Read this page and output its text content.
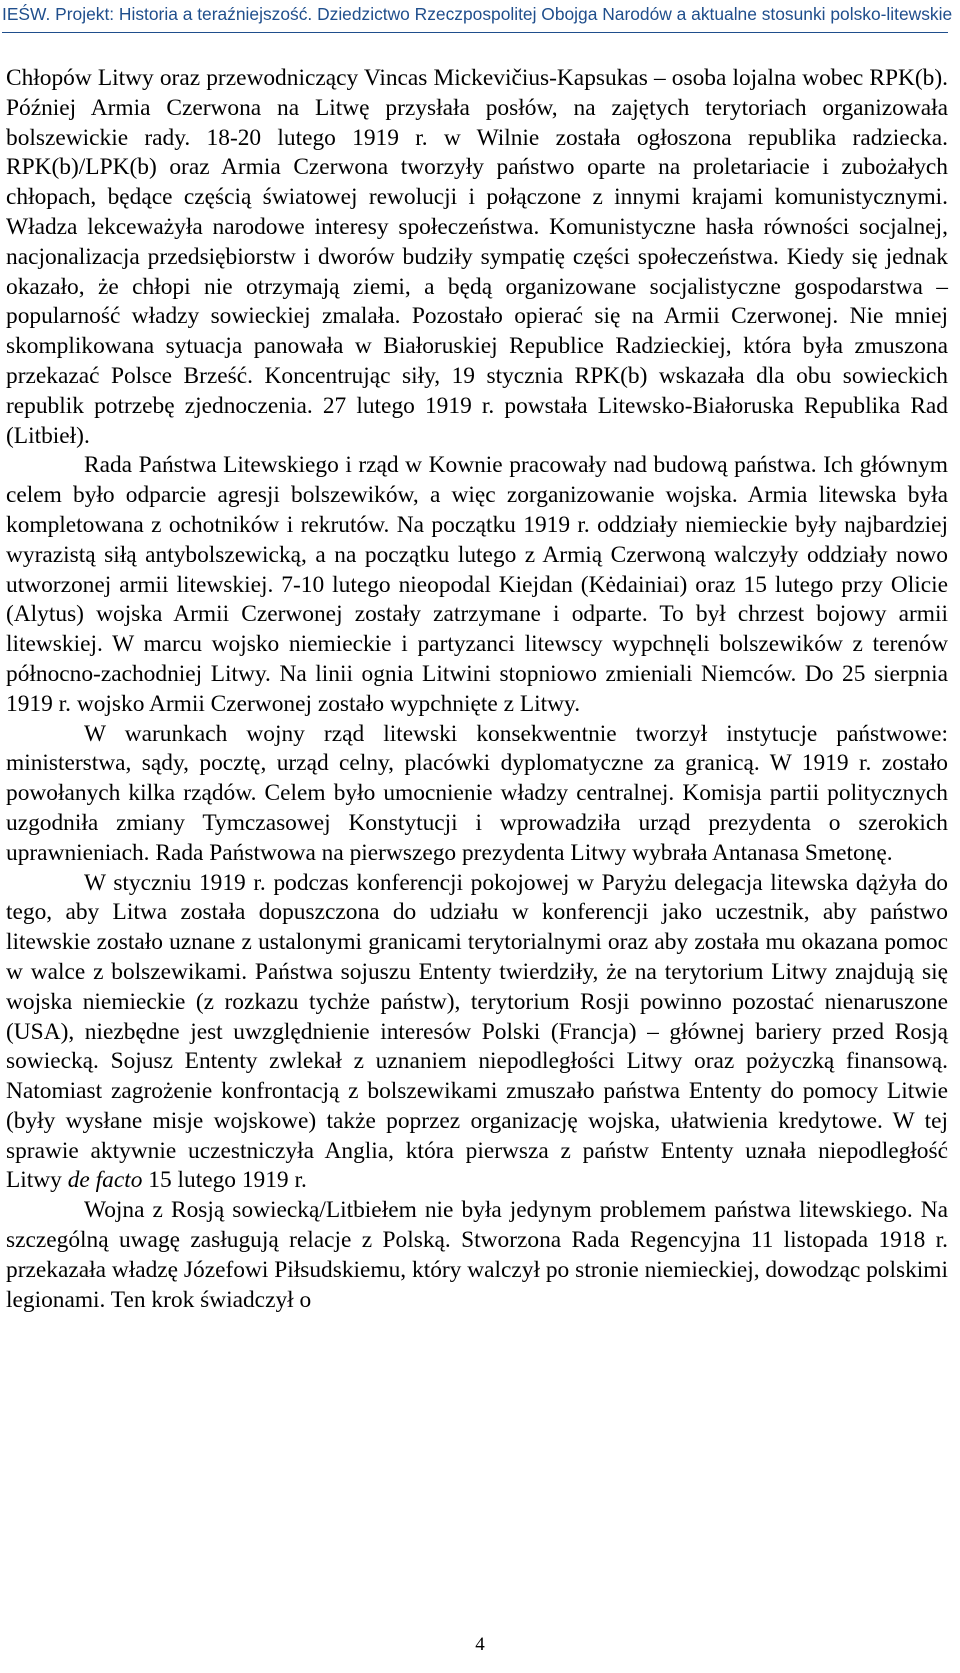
IEŚW. Projekt: Historia a teraźniejszość. Dziedzictwo Rzeczpospolitej Obojga Narodów a aktualne stosunki polsko-litewskie

Chłopów Litwy oraz przewodniczący Vincas Mickevičius-Kapsukas – osoba lojalna wobec RPK(b). Później Armia Czerwona na Litwę przysłała posłów, na zajętych terytoriach organizowała bolszewickie rady. 18-20 lutego 1919 r. w Wilnie została ogłoszona republika radziecka. RPK(b)/LPK(b) oraz Armia Czerwona tworzyły państwo oparte na proletariacie i zubożałych chłopach, będące częścią światowej rewolucji i połączone z innymi krajami komunistycznymi. Władza lekceważyła narodowe interesy społeczeństwa. Komunistyczne hasła równości socjalnej, nacjonalizacja przedsiębiorstw i dworów budziły sympatię części społeczeństwa. Kiedy się jednak okazało, że chłopi nie otrzymają ziemi, a będą organizowane socjalistyczne gospodarstwa – popularność władzy sowieckiej zmalała. Pozostało opierać się na Armii Czerwonej. Nie mniej skomplikowana sytuacja panowała w Białoruskiej Republice Radzieckiej, która była zmuszona przekazać Polsce Brześć. Koncentrując siły, 19 stycznia RPK(b) wskazała dla obu sowieckich republik potrzebę zjednoczenia. 27 lutego 1919 r. powstała Litewsko-Białoruska Republika Rad (Litbieł).

Rada Państwa Litewskiego i rząd w Kownie pracowały nad budową państwa. Ich głównym celem było odparcie agresji bolszewików, a więc zorganizowanie wojska. Armia litewska była kompletowana z ochotników i rekrutów. Na początku 1919 r. oddziały niemieckie były najbardziej wyrazistą siłą antybolszewicką, a na początku lutego z Armią Czerwoną walczyły oddziały nowo utworzonej armii litewskiej. 7-10 lutego nieopodal Kiejdan (Kėdainiai) oraz 15 lutego przy Olicie (Alytus) wojska Armii Czerwonej zostały zatrzymane i odparte. To był chrzest bojowy armii litewskiej. W marcu wojsko niemieckie i partyzanci litewscy wypchnęli bolszewików z terenów północno-zachodniej Litwy. Na linii ognia Litwini stopniowo zmieniali Niemców. Do 25 sierpnia 1919 r. wojsko Armii Czerwonej zostało wypchnięte z Litwy.

W warunkach wojny rząd litewski konsekwentnie tworzył instytucje państwowe: ministerstwa, sądy, pocztę, urząd celny, placówki dyplomatyczne za granicą. W 1919 r. zostało powołanych kilka rządów. Celem było umocnienie władzy centralnej. Komisja partii politycznych uzgodniła zmiany Tymczasowej Konstytucji i wprowadziła urząd prezydenta o szerokich uprawnieniach. Rada Państwowa na pierwszego prezydenta Litwy wybrała Antanasa Smetonę.

W styczniu 1919 r. podczas konferencji pokojowej w Paryżu delegacja litewska dążyła do tego, aby Litwa została dopuszczona do udziału w konferencji jako uczestnik, aby państwo litewskie zostało uznane z ustalonymi granicami terytorialnymi oraz aby została mu okazana pomoc w walce z bolszewikami. Państwa sojuszu Ententy twierdziły, że na terytorium Litwy znajdują się wojska niemieckie (z rozkazu tychże państw), terytorium Rosji powinno pozostać nienaruszone (USA), niezbędne jest uwzględnienie interesów Polski (Francja) – głównej bariery przed Rosją sowiecką. Sojusz Ententy zwlekał z uznaniem niepodległości Litwy oraz pożyczką finansową. Natomiast zagrożenie konfrontacją z bolszewikami zmuszało państwa Ententy do pomocy Litwie (były wysłane misje wojskowe) także poprzez organizację wojska, ułatwienia kredytowe. W tej sprawie aktywnie uczestniczyła Anglia, która pierwsza z państw Ententy uznała niepodległość Litwy de facto 15 lutego 1919 r.

Wojna z Rosją sowiecką/Litbiełem nie była jedynym problemem państwa litewskiego. Na szczególną uwagę zasługują relacje z Polską. Stworzona Rada Regencyjna 11 listopada 1918 r. przekazała władzę Józefowi Piłsudskiemu, który walczył po stronie niemieckiej, dowodząc polskimi legionami. Ten krok świadczył o

4
